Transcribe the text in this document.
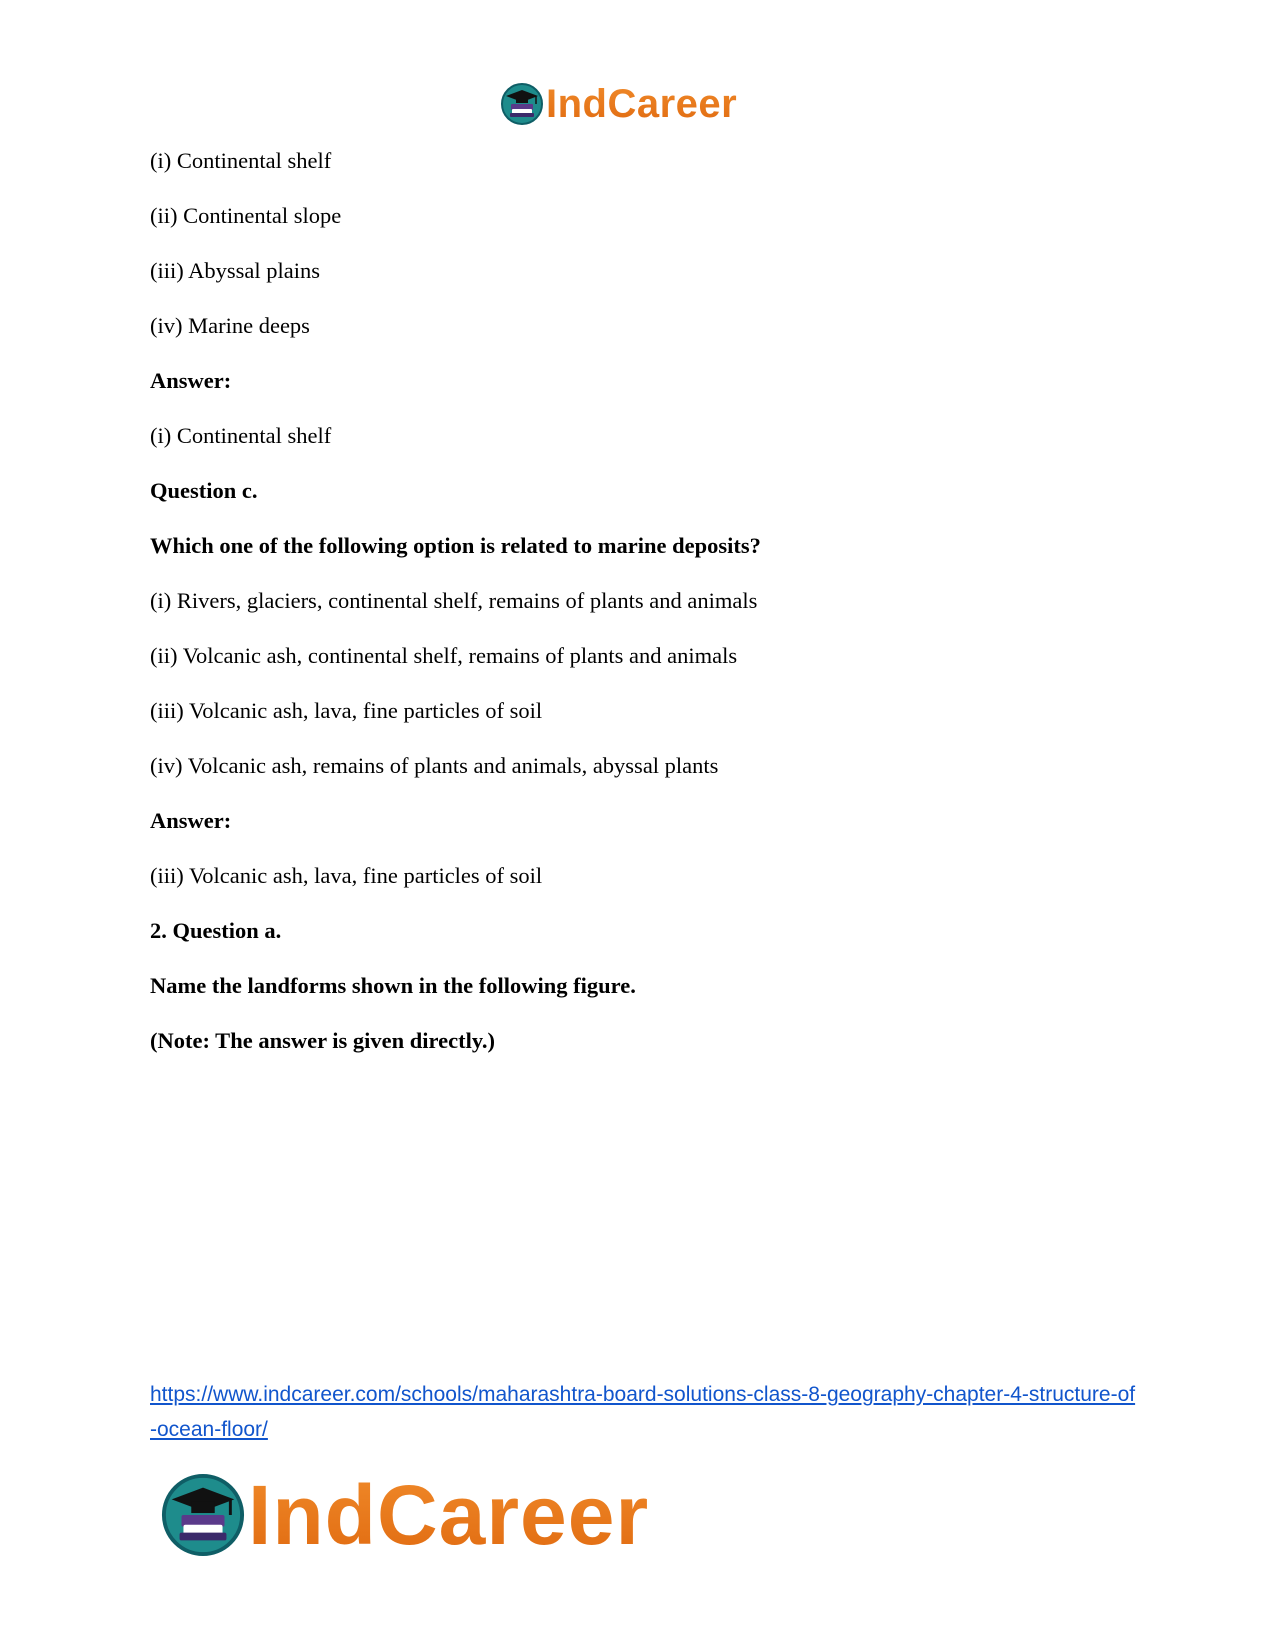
IndCareer
(i) Continental shelf
(ii) Continental slope
(iii) Abyssal plains
(iv) Marine deeps
Answer:
(i) Continental shelf
Question c.
Which one of the following option is related to marine deposits?
(i) Rivers, glaciers, continental shelf, remains of plants and animals
(ii) Volcanic ash, continental shelf, remains of plants and animals
(iii) Volcanic ash, lava, fine particles of soil
(iv) Volcanic ash, remains of plants and animals, abyssal plants
Answer:
(iii) Volcanic ash, lava, fine particles of soil
2. Question a.
Name the landforms shown in the following figure.
(Note: The answer is given directly.)
https://www.indcareer.com/schools/maharashtra-board-solutions-class-8-geography-chapter-4-structure-of-ocean-floor/
IndCareer
